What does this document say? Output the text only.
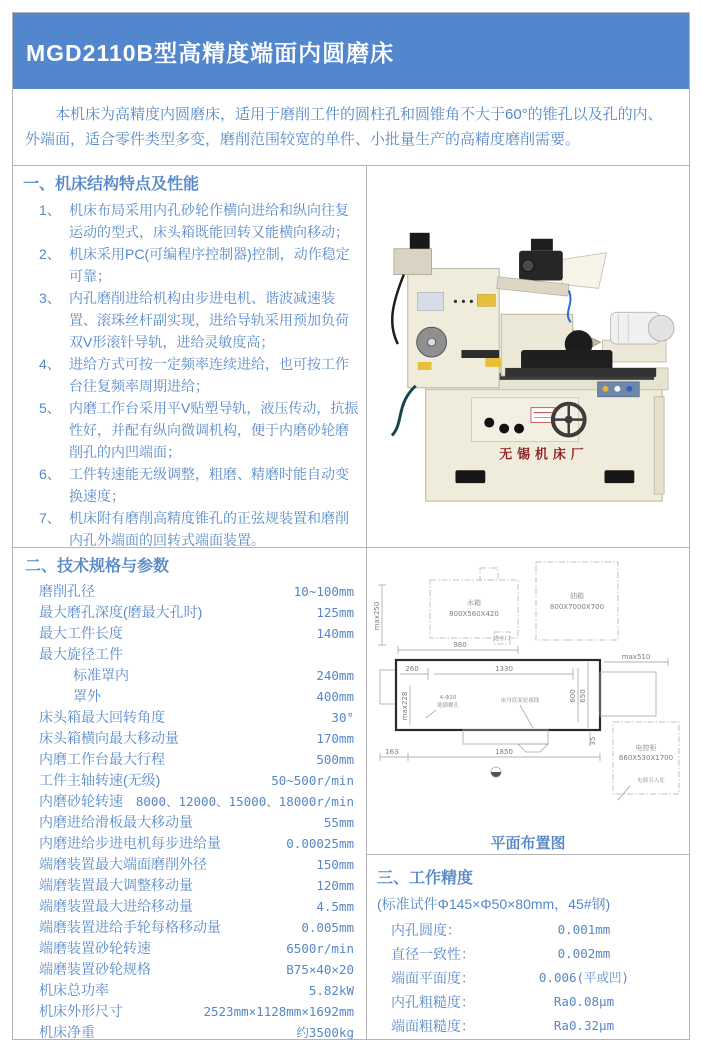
MGD2110B型高精度端面内圆磨床

本机床为高精度内圆磨床，适用于磨削工件的圆柱孔和圆锥角不大于60°的锥孔以及孔的内、外端面，适合零件类型多变，磨削范围较宽的单件、小批量生产的高精度磨削需要。

一、机床结构特点及性能
1、 机床布局采用内孔砂轮作横向进给和纵向往复运动的型式，床头箱既能回转又能横向移动；
2、 机床采用PC(可编程序控制器)控制，动作稳定可靠；
3、 内孔磨削进给机构由步进电机、谐波减速装置、滚珠丝杆副实现，进给导轨采用预加负荷双V形滚针导轨，进给灵敏度高；
4、 进给方式可按一定频率连续进给，也可按工作台往复频率周期进给；
5、 内磨工作台采用平V贴塑导轨，液压传动，抗振性好，并配有纵向微调机构，便于内磨砂轮磨削孔的内凹端面；
6、 工件转速能无级调整，粗磨、精磨时能自动变换速度；
7、 机床附有磨削高精度锥孔的正弦规装置和磨削内孔外端面的回转式端面装置。
无锡机床厂
二、技术规格与参数
磨削孔径	10~100mm
最大磨孔深度(磨最大孔时)	125mm
最大工件长度	140mm
最大旋径工件
标准罩内	240mm
罩外	400mm
床头箱最大回转角度	30°
床头箱横向最大移动量	170mm
内磨工作台最大行程	500mm
工件主轴转速(无级)	50~500r/min
内磨砂轮转速 8000、12000、15000、18000r/min
内磨进给滑板最大移动量	55mm
内磨进给步进电机每步进给量	0.00025mm
端磨装置最大端面磨削外径	150mm
端磨装置最大调整移动量	120mm
端磨装置最大进给移动量	4.5mm
端磨装置进给手轮每格移动量	0.005mm
端磨装置砂轮转速	6500r/min
端磨装置砂轮规格	B75×40×20
机床总功率	5.82kW
机床外形尺寸	2523mm×1128mm×1692mm
机床净重	约3500kg
水箱
800X560X420
进水口
油箱
800X7000X700
980
max250
260	1330
max228	4-Φ20
地脚螺孔
床身底面轮廓线	600 650
max510
35
163	1850	电控柜
660X530X1700
电源引入处
平面布置图
三、工作精度
(标准试件Φ145×Φ50×80mm，45#钢)
内孔圆度：	0.001mm
直径一致性：	0.002mm
端面平面度：	0.006(平或凹)
内孔粗糙度：	Ra0.08μm
端面粗糙度：	Ra0.32μm
